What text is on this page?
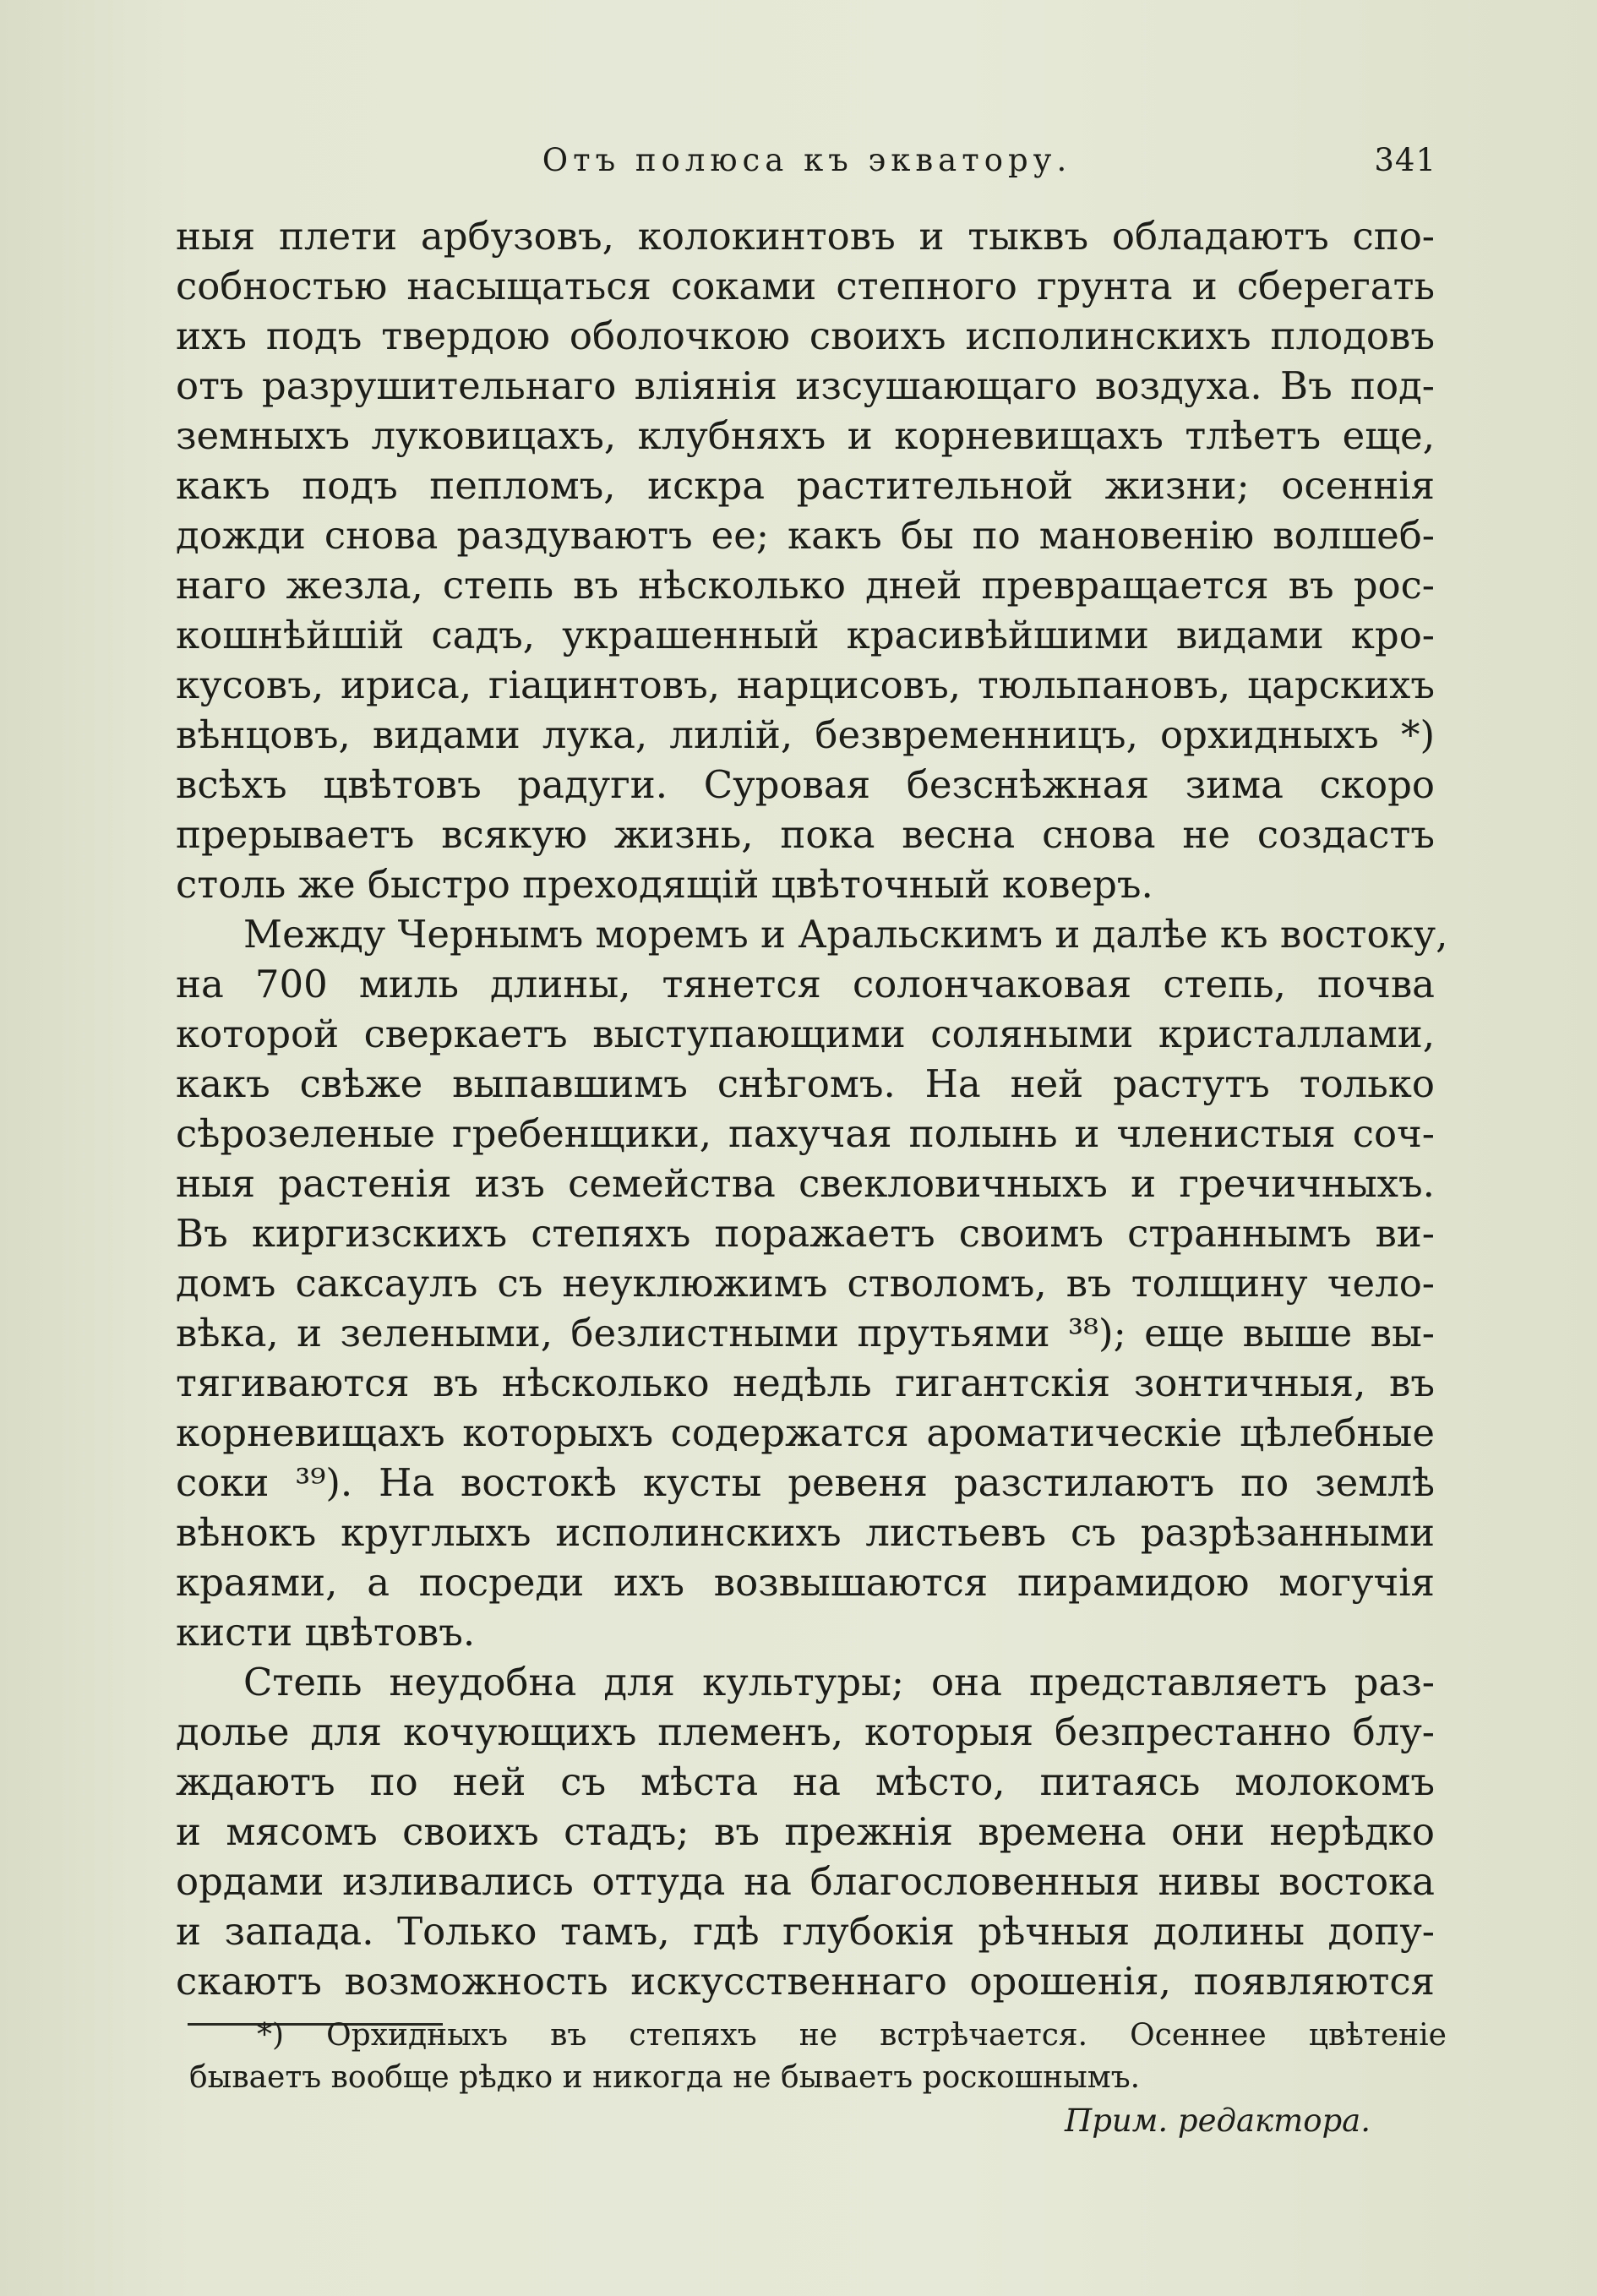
Отъ полюса къ экватору.	341
ныя плети арбузовъ, колокинтовъ и тыквъ обладаютъ спо-
собностью насыщаться соками степного грунта и сберегать
ихъ подъ твердою оболочкою своихъ исполинскихъ плодовъ
отъ разрушительнаго вліянія изсушающаго воздуха. Въ под-
земныхъ луковицахъ, клубняхъ и корневищахъ тлѣетъ еще,
какъ подъ пепломъ, искра растительной жизни; осеннія
дожди снова раздуваютъ ее; какъ бы по мановенію волшеб-
наго жезла, степь въ нѣсколько дней превращается въ рос-
кошнѣйшій садъ, украшенный красивѣйшими видами кро-
кусовъ, ириса, гіацинтовъ, нарцисовъ, тюльпановъ, царскихъ
вѣнцовъ, видами лука, лилій, безвременницъ, орхидныхъ *)
всѣхъ цвѣтовъ радуги. Суровая безснѣжная зима скоро
прерываетъ всякую жизнь, пока весна снова не создастъ
столь же быстро преходящій цвѣточный коверъ.
Между Чернымъ моремъ и Аральскимъ и далѣе къ востоку,
на 700 миль длины, тянется солончаковая степь, почва
которой сверкаетъ выступающими соляными кристаллами,
какъ свѣже выпавшимъ снѣгомъ. На ней растутъ только
сѣрозеленые гребенщики, пахучая полынь и членистыя соч-
ныя растенія изъ семейства свекловичныхъ и гречичныхъ.
Въ киргизскихъ степяхъ поражаетъ своимъ страннымъ ви-
домъ саксаулъ съ неуклюжимъ стволомъ, въ толщину чело-
вѣка, и зелеными, безлистными прутьями ³⁸); еще выше вы-
тягиваются въ нѣсколько недѣль гигантскія зонтичныя, въ
корневищахъ которыхъ содержатся ароматическіе цѣлебные
соки ³⁹). На востокѣ кусты ревеня разстилаютъ по землѣ
вѣнокъ круглыхъ исполинскихъ листьевъ съ разрѣзанными
краями, а посреди ихъ возвышаются пирамидою могучія
кисти цвѣтовъ.
Степь неудобна для культуры; она представляетъ раз-
долье для кочующихъ племенъ, которыя безпрестанно блу-
ждаютъ по ней съ мѣста на мѣсто, питаясь молокомъ
и мясомъ своихъ стадъ; въ прежнія времена они нерѣдко
ордами изливались оттуда на благословенныя нивы востока
и запада. Только тамъ, гдѣ глубокія рѣчныя долины допу-
скаютъ возможность искусственнаго орошенія, появляются
*) Орхидныхъ въ степяхъ не встрѣчается. Осеннее цвѣтеніе
бываетъ вообще рѣдко и никогда не бываетъ роскошнымъ.
Прим. редактора.
